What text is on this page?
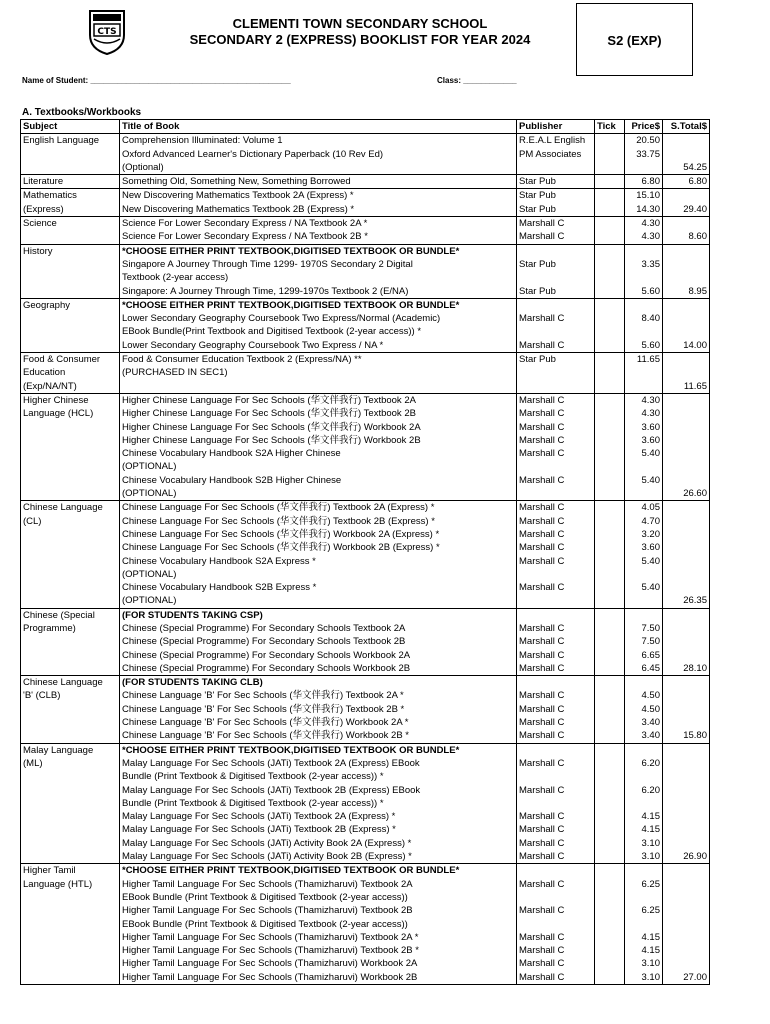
CTS
CLEMENTI TOWN SECONDARY SCHOOL
SECONDARY 2 (EXPRESS) BOOKLIST FOR YEAR 2024	S2 (EXP)
Name of Student: _____________________________________________	Class: ____________
A. Textbooks/Workbooks
Subject	Title of Book	Publisher	Tick	Price$	S.Total$
English Language	Comprehension Illuminated: Volume 1	R.E.A.L English		20.50	
	Oxford Advanced Learner's Dictionary Paperback (10 Rev Ed)	PM Associates		33.75	
	(Optional)				54.25
Literature	Something Old, Something New, Something Borrowed	Star Pub		6.80	6.80
Mathematics	New Discovering Mathematics Textbook 2A (Express) *	Star Pub		15.10	
(Express)	New Discovering Mathematics Textbook 2B (Express) *	Star Pub		14.30	29.40
Science	Science For Lower Secondary Express / NA Textbook 2A *	Marshall C		4.30	
	Science For Lower Secondary Express / NA Textbook 2B *	Marshall C		4.30	8.60
History	*CHOOSE EITHER PRINT TEXTBOOK,DIGITISED TEXTBOOK OR BUNDLE*				
	Singapore A Journey Through Time 1299- 1970S Secondary 2 Digital	Star Pub		3.35	
	Textbook (2-year access)				
	Singapore: A Journey Through Time, 1299-1970s Textbook 2 (E/NA)	Star Pub		5.60	8.95
Geography	*CHOOSE EITHER PRINT TEXTBOOK,DIGITISED TEXTBOOK OR BUNDLE*				
	Lower Secondary Geography Coursebook Two Express/Normal (Academic)	Marshall C		8.40	
	EBook Bundle(Print Textbook and Digitised Textbook (2-year access)) *				
	Lower Secondary Geography Coursebook Two Express / NA *	Marshall C		5.60	14.00
Food & Consumer	Food & Consumer Education Textbook 2 (Express/NA) **	Star Pub		11.65	
Education	(PURCHASED IN SEC1)				
(Exp/NA/NT)					11.65
Higher Chinese	Higher Chinese Language For Sec Schools (华文伴我行) Textbook 2A	Marshall C		4.30	
Language (HCL)	Higher Chinese Language For Sec Schools (华文伴我行) Textbook 2B	Marshall C		4.30	
	Higher Chinese Language For Sec Schools (华文伴我行) Workbook 2A	Marshall C		3.60	
	Higher Chinese Language For Sec Schools (华文伴我行) Workbook 2B	Marshall C		3.60	
	Chinese Vocabulary Handbook S2A Higher Chinese	Marshall C		5.40	
	(OPTIONAL)				
	Chinese Vocabulary Handbook S2B Higher Chinese	Marshall C		5.40	
	(OPTIONAL)				26.60
Chinese Language	Chinese Language For Sec Schools (华文伴我行) Textbook 2A (Express) *	Marshall C		4.05	
(CL)	Chinese Language For Sec Schools (华文伴我行) Textbook 2B (Express) *	Marshall C		4.70	
	Chinese Language For Sec Schools (华文伴我行) Workbook 2A (Express) *	Marshall C		3.20	
	Chinese Language For Sec Schools (华文伴我行) Workbook 2B (Express) *	Marshall C		3.60	
	Chinese Vocabulary Handbook S2A Express *	Marshall C		5.40	
	(OPTIONAL)				
	Chinese Vocabulary Handbook S2B Express *	Marshall C		5.40	
	(OPTIONAL)				26.35
Chinese (Special	(FOR STUDENTS TAKING CSP)				
Programme)	Chinese (Special Programme) For Secondary Schools Textbook 2A	Marshall C		7.50	
	Chinese (Special Programme) For Secondary Schools Textbook 2B	Marshall C		7.50	
	Chinese (Special Programme) For Secondary Schools Workbook 2A	Marshall C		6.65	
	Chinese (Special Programme) For Secondary Schools Workbook 2B	Marshall C		6.45	28.10
Chinese Language	(FOR STUDENTS TAKING CLB)				
'B' (CLB)	Chinese Language 'B' For Sec Schools (华文伴我行) Textbook 2A *	Marshall C		4.50	
	Chinese Language 'B' For Sec Schools (华文伴我行) Textbook 2B *	Marshall C		4.50	
	Chinese Language 'B' For Sec Schools (华文伴我行) Workbook 2A *	Marshall C		3.40	
	Chinese Language 'B' For Sec Schools (华文伴我行) Workbook 2B *	Marshall C		3.40	15.80
Malay Language	*CHOOSE EITHER PRINT TEXTBOOK,DIGITISED TEXTBOOK OR BUNDLE*				
(ML)	Malay Language For Sec Schools (JATi) Textbook 2A (Express) EBook	Marshall C		6.20	
	Bundle (Print Textbook & Digitised Textbook (2-year access)) *				
	Malay Language For Sec Schools (JATi) Textbook 2B (Express) EBook	Marshall C		6.20	
	Bundle (Print Textbook & Digitised Textbook (2-year access)) *				
	Malay Language For Sec Schools (JATi) Textbook 2A (Express) *	Marshall C		4.15	
	Malay Language For Sec Schools (JATi) Textbook 2B (Express) *	Marshall C		4.15	
	Malay Language For Sec Schools (JATi) Activity Book 2A (Express) *	Marshall C		3.10	
	Malay Language For Sec Schools (JATi) Activity Book 2B (Express) *	Marshall C		3.10	26.90
Higher Tamil	*CHOOSE EITHER PRINT TEXTBOOK,DIGITISED TEXTBOOK OR BUNDLE*				
Language (HTL)	Higher Tamil Language For Sec Schools (Thamizharuvi) Textbook 2A	Marshall C		6.25	
	EBook Bundle (Print Textbook & Digitised Textbook (2-year access))				
	Higher Tamil Language For Sec Schools (Thamizharuvi) Textbook 2B	Marshall C		6.25	
	EBook Bundle (Print Textbook & Digitised Textbook (2-year access))				
	Higher Tamil Language For Sec Schools (Thamizharuvi) Textbook 2A *	Marshall C		4.15	
	Higher Tamil Language For Sec Schools (Thamizharuvi) Textbook 2B *	Marshall C		4.15	
	Higher Tamil Language For Sec Schools (Thamizharuvi) Workbook 2A	Marshall C		3.10	
	Higher Tamil Language For Sec Schools (Thamizharuvi) Workbook 2B	Marshall C		3.10	27.00
